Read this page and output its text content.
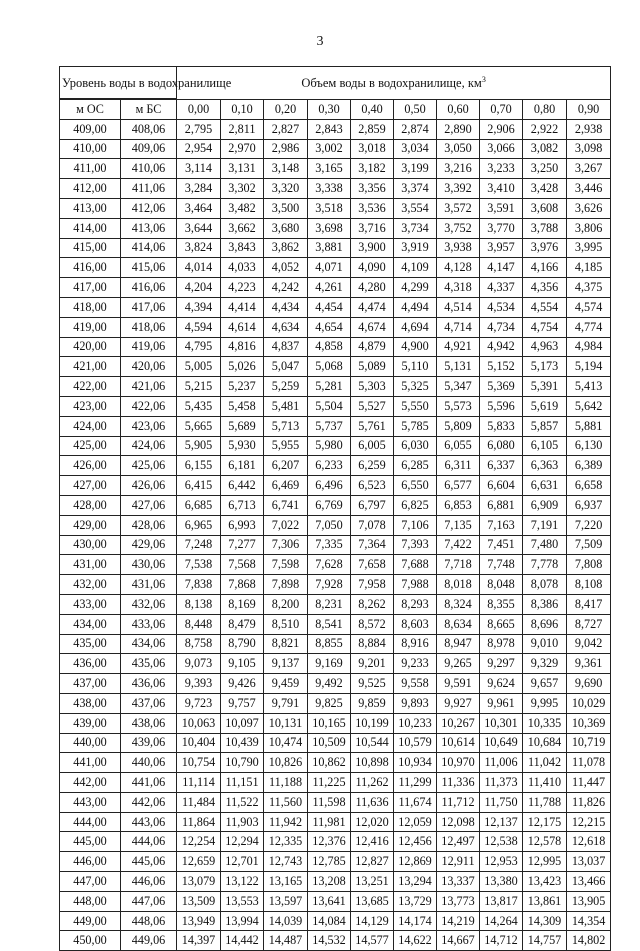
3
Уровень воды в водохранилище		Объем воды в водохранилище, $км^3$

м ОС	м БС	0,00	0,10	0,20	0,30	0,40	0,50	0,60	0,70	0,80	0,90
409,00	408,06	2,795	2,811	2,827	2,843	2,859	2,874	2,890	2,906	2,922	2,938
410,00	409,06	2,954	2,970	2,986	3,002	3,018	3,034	3,050	3,066	3,082	3,098
411,00	410,06	3,114	3,131	3,148	3,165	3,182	3,199	3,216	3,233	3,250	3,267
412,00	411,06	3,284	3,302	3,320	3,338	3,356	3,374	3,392	3,410	3,428	3,446
413,00	412,06	3,464	3,482	3,500	3,518	3,536	3,554	3,572	3,591	3,608	3,626
414,00	413,06	3,644	3,662	3,680	3,698	3,716	3,734	3,752	3,770	3,788	3,806
415,00	414,06	3,824	3,843	3,862	3,881	3,900	3,919	3,938	3,957	3,976	3,995
416,00	415,06	4,014	4,033	4,052	4,071	4,090	4,109	4,128	4,147	4,166	4,185
417,00	416,06	4,204	4,223	4,242	4,261	4,280	4,299	4,318	4,337	4,356	4,375
418,00	417,06	4,394	4,414	4,434	4,454	4,474	4,494	4,514	4,534	4,554	4,574
419,00	418,06	4,594	4,614	4,634	4,654	4,674	4,694	4,714	4,734	4,754	4,774
420,00	419,06	4,795	4,816	4,837	4,858	4,879	4,900	4,921	4,942	4,963	4,984
421,00	420,06	5,005	5,026	5,047	5,068	5,089	5,110	5,131	5,152	5,173	5,194
422,00	421,06	5,215	5,237	5,259	5,281	5,303	5,325	5,347	5,369	5,391	5,413
423,00	422,06	5,435	5,458	5,481	5,504	5,527	5,550	5,573	5,596	5,619	5,642
424,00	423,06	5,665	5,689	5,713	5,737	5,761	5,785	5,809	5,833	5,857	5,881
425,00	424,06	5,905	5,930	5,955	5,980	6,005	6,030	6,055	6,080	6,105	6,130
426,00	425,06	6,155	6,181	6,207	6,233	6,259	6,285	6,311	6,337	6,363	6,389
427,00	426,06	6,415	6,442	6,469	6,496	6,523	6,550	6,577	6,604	6,631	6,658
428,00	427,06	6,685	6,713	6,741	6,769	6,797	6,825	6,853	6,881	6,909	6,937
429,00	428,06	6,965	6,993	7,022	7,050	7,078	7,106	7,135	7,163	7,191	7,220
430,00	429,06	7,248	7,277	7,306	7,335	7,364	7,393	7,422	7,451	7,480	7,509
431,00	430,06	7,538	7,568	7,598	7,628	7,658	7,688	7,718	7,748	7,778	7,808
432,00	431,06	7,838	7,868	7,898	7,928	7,958	7,988	8,018	8,048	8,078	8,108
433,00	432,06	8,138	8,169	8,200	8,231	8,262	8,293	8,324	8,355	8,386	8,417
434,00	433,06	8,448	8,479	8,510	8,541	8,572	8,603	8,634	8,665	8,696	8,727
435,00	434,06	8,758	8,790	8,821	8,855	8,884	8,916	8,947	8,978	9,010	9,042
436,00	435,06	9,073	9,105	9,137	9,169	9,201	9,233	9,265	9,297	9,329	9,361
437,00	436,06	9,393	9,426	9,459	9,492	9,525	9,558	9,591	9,624	9,657	9,690
438,00	437,06	9,723	9,757	9,791	9,825	9,859	9,893	9,927	9,961	9,995	10,029
439,00	438,06	10,063	10,097	10,131	10,165	10,199	10,233	10,267	10,301	10,335	10,369
440,00	439,06	10,404	10,439	10,474	10,509	10,544	10,579	10,614	10,649	10,684	10,719
441,00	440,06	10,754	10,790	10,826	10,862	10,898	10,934	10,970	11,006	11,042	11,078
442,00	441,06	11,114	11,151	11,188	11,225	11,262	11,299	11,336	11,373	11,410	11,447
443,00	442,06	11,484	11,522	11,560	11,598	11,636	11,674	11,712	11,750	11,788	11,826
444,00	443,06	11,864	11,903	11,942	11,981	12,020	12,059	12,098	12,137	12,175	12,215
445,00	444,06	12,254	12,294	12,335	12,376	12,416	12,456	12,497	12,538	12,578	12,618
446,00	445,06	12,659	12,701	12,743	12,785	12,827	12,869	12,911	12,953	12,995	13,037
447,00	446,06	13,079	13,122	13,165	13,208	13,251	13,294	13,337	13,380	13,423	13,466
448,00	447,06	13,509	13,553	13,597	13,641	13,685	13,729	13,773	13,817	13,861	13,905
449,00	448,06	13,949	13,994	14,039	14,084	14,129	14,174	14,219	14,264	14,309	14,354
450,00	449,06	14,397	14,442	14,487	14,532	14,577	14,622	14,667	14,712	14,757	14,802
